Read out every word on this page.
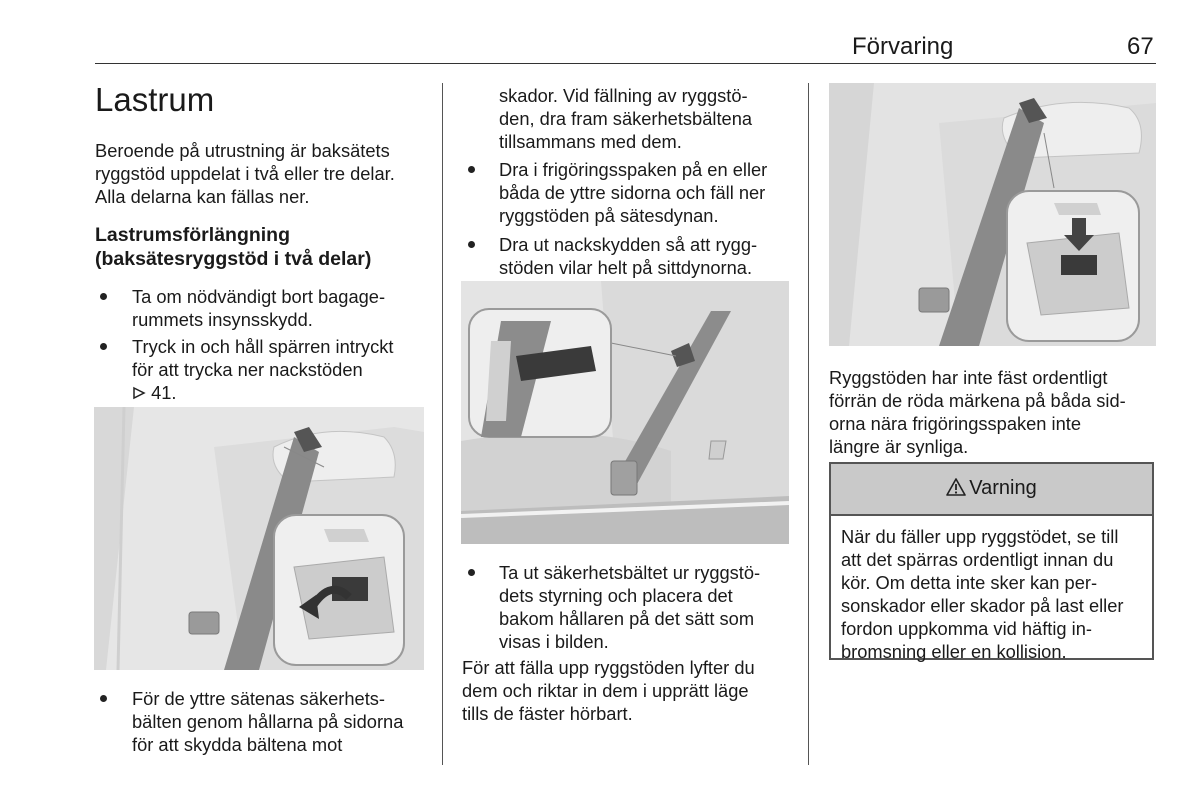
Förvaring	67
Lastrum
Beroende på utrustning är baksätets
ryggstöd uppdelat i två eller tre delar.
Alla delarna kan fällas ner.
Lastrumsförlängning
(baksätesryggstöd i två delar)
Ta om nödvändigt bort bagage-
rummets insynsskydd.
Tryck in och håll spärren intryckt
för att trycka ner nackstöden
41.
För de yttre sätenas säkerhets-
bälten genom hållarna på sidorna
för att skydda bältena mot
skador. Vid fällning av ryggstö-
den, dra fram säkerhetsbältena
tillsammans med dem.
Dra i frigöringsspaken på en eller
båda de yttre sidorna och fäll ner
ryggstöden på sätesdynan.
Dra ut nackskydden så att rygg-
stöden vilar helt på sittdynorna.
Ta ut säkerhetsbältet ur ryggstö-
dets styrning och placera det
bakom hållaren på det sätt som
visas i bilden.
För att fälla upp ryggstöden lyfter du
dem och riktar in dem i upprätt läge
tills de fäster hörbart.
Ryggstöden har inte fäst ordentligt
förrän de röda märkena på båda sid-
orna nära frigöringsspaken inte
längre är synliga.
Varning
När du fäller upp ryggstödet, se till
att det spärras ordentligt innan du
kör. Om detta inte sker kan per-
sonskador eller skador på last eller
fordon uppkomma vid häftig in-
bromsning eller en kollision.
